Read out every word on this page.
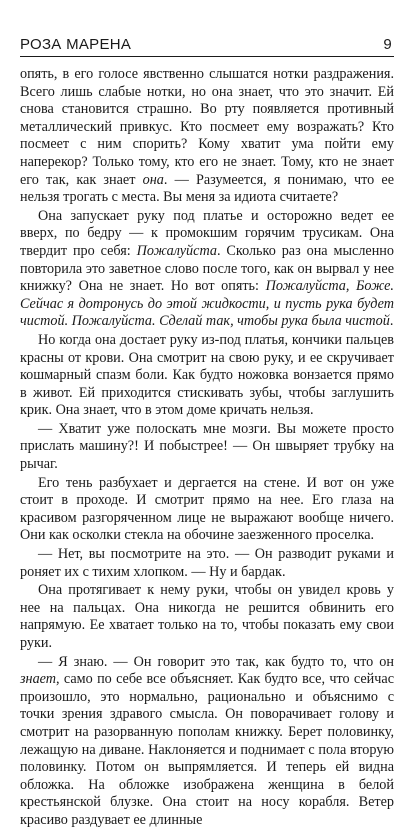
РОЗА МАРЕНА	9

опять, в его голосе явственно слышатся нотки раздражения. Всего лишь слабые нотки, но она знает, что это значит. Ей снова становится страшно. Во рту появляется противный металлический привкус. Кто посмеет ему возражать? Кто посмеет с ним спорить? Кому хватит ума пойти ему наперекор? Только тому, кто его не знает. Тому, кто не знает его так, как знает она. — Разумеется, я понимаю, что ее нельзя трогать с места. Вы меня за идиота считаете?

Она запускает руку под платье и осторожно ведет ее вверх, по бедру — к промокшим горячим трусикам. Она твердит про себя: Пожалуйста. Сколько раз она мысленно повторила это заветное слово после того, как он вырвал у нее книжку? Она не знает. Но вот опять: Пожалуйста, Боже. Сейчас я дотронусь до этой жидкости, и пусть рука будет чистой. Пожалуйста. Сделай так, чтобы рука была чистой.

Но когда она достает руку из-под платья, кончики пальцев красны от крови. Она смотрит на свою руку, и ее скручивает кошмарный спазм боли. Как будто ножовка вонзается прямо в живот. Ей приходится стискивать зубы, чтобы заглушить крик. Она знает, что в этом доме кричать нельзя.

— Хватит уже полоскать мне мозги. Вы можете просто прислать машину?! И побыстрее! — Он швыряет трубку на рычаг.

Его тень разбухает и дергается на стене. И вот он уже стоит в проходе. И смотрит прямо на нее. Его глаза на красивом разгоряченном лице не выражают вообще ничего. Они как осколки стекла на обочине заезженного проселка.

— Нет, вы посмотрите на это. — Он разводит руками и роняет их с тихим хлопком. — Ну и бардак.

Она протягивает к нему руки, чтобы он увидел кровь у нее на пальцах. Она никогда не решится обвинить его напрямую. Ее хватает только на то, чтобы показать ему свои руки.

— Я знаю. — Он говорит это так, как будто то, что он знает, само по себе все объясняет. Как будто все, что сейчас произошло, это нормально, рационально и объяснимо с точки зрения здравого смысла. Он поворачивает голову и смотрит на разорванную пополам книжку. Берет половинку, лежащую на диване. Наклоняется и поднимает с пола вторую половинку. Потом он выпрямляется. И теперь ей видна обложка. На обложке изображена женщина в белой крестьянской блузке. Она стоит на носу корабля. Ветер красиво раздувает ее длинные
